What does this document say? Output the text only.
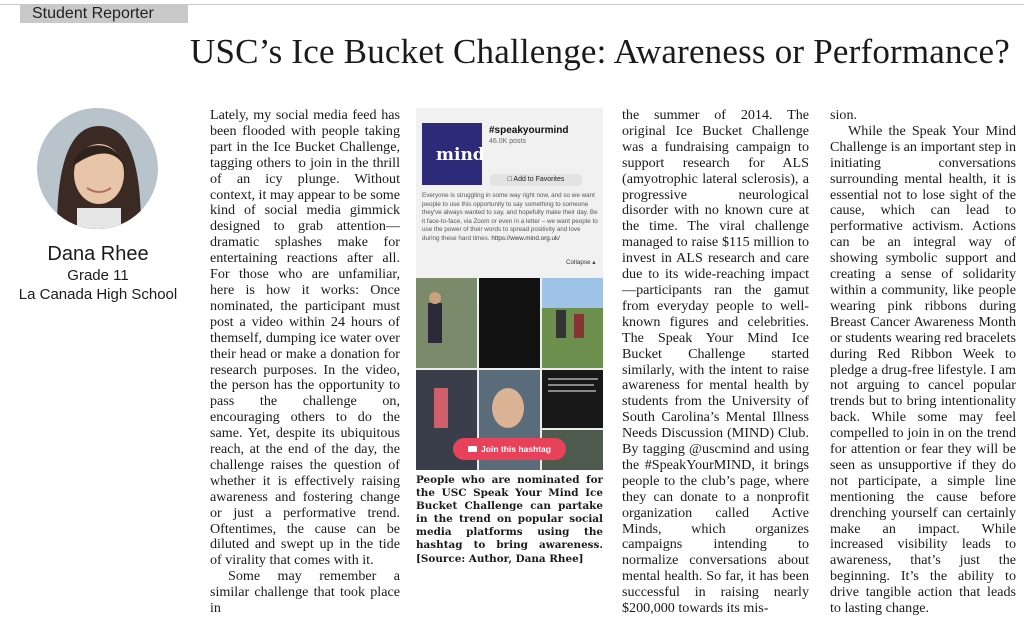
Student Reporter
USC’s Ice Bucket Challenge: Awareness or Performance?
Dana Rhee
Grade 11
La Canada High School

Lately, my social media feed has been flooded with people taking part in the Ice Bucket Challenge, tagging others to join in the thrill of an icy plunge. Without context, it may appear to be some kind of social media gimmick designed to grab attention—dramatic splashes make for entertaining reactions after all. For those who are unfamiliar, here is how it works: Once nominated, the participant must post a video within 24 hours of themself, dumping ice water over their head or make a donation for research purposes. In the video, the person has the opportunity to pass the challenge on, encouraging others to do the same. Yet, despite its ubiquitous reach, at the end of the day, the challenge raises the question of whether it is effectively raising awareness and fostering change or just a performative trend. Oftentimes, the cause can be diluted and swept up in the tide of virality that comes with it.

Some may remember a similar challenge that took place in

mind
#speakyourmind
46.0K posts
□ Add to Favorites
Everyone is struggling in some way right now, and so we want people to use this opportunity to say something to someone they've always wanted to say, and hopefully make their day. Be it face-to-face, via Zoom or even in a letter – we want people to use the power of their words to spread positivity and love during these hard times. https://www.mind.org.uk/
Collapse ▴
Join this hashtag
People who are nominated for the USC Speak Your Mind Ice Bucket Challenge can partake in the trend on popular social media platforms using the hashtag to bring awareness. [Source: Author, Dana Rhee]

the summer of 2014. The original Ice Bucket Challenge was a fundraising campaign to support research for ALS (amyotrophic lateral sclerosis), a progressive neurological disorder with no known cure at the time. The viral challenge managed to raise $115 million to invest in ALS research and care due to its wide-reaching impact—participants ran the gamut from everyday people to well-known figures and celebrities. The Speak Your Mind Ice Bucket Challenge started similarly, with the intent to raise awareness for mental health by students from the University of South Carolina’s Mental Illness Needs Discussion (MIND) Club. By tagging @uscmind and using the #SpeakYourMIND, it brings people to the club’s page, where they can donate to a nonprofit organization called Active Minds, which organizes campaigns intending to normalize conversations about mental health. So far, it has been successful in raising nearly $200,000 towards its mis-

sion.

While the Speak Your Mind Challenge is an important step in initiating conversations surrounding mental health, it is essential not to lose sight of the cause, which can lead to performative activism. Actions can be an integral way of showing symbolic support and creating a sense of solidarity within a community, like people wearing pink ribbons during Breast Cancer Awareness Month or students wearing red bracelets during Red Ribbon Week to pledge a drug-free lifestyle. I am not arguing to cancel popular trends but to bring intentionality back. While some may feel compelled to join in on the trend for attention or fear they will be seen as unsupportive if they do not participate, a simple line mentioning the cause before drenching yourself can certainly make an impact. While increased visibility leads to awareness, that’s just the beginning. It’s the ability to drive tangible action that leads to lasting change.
